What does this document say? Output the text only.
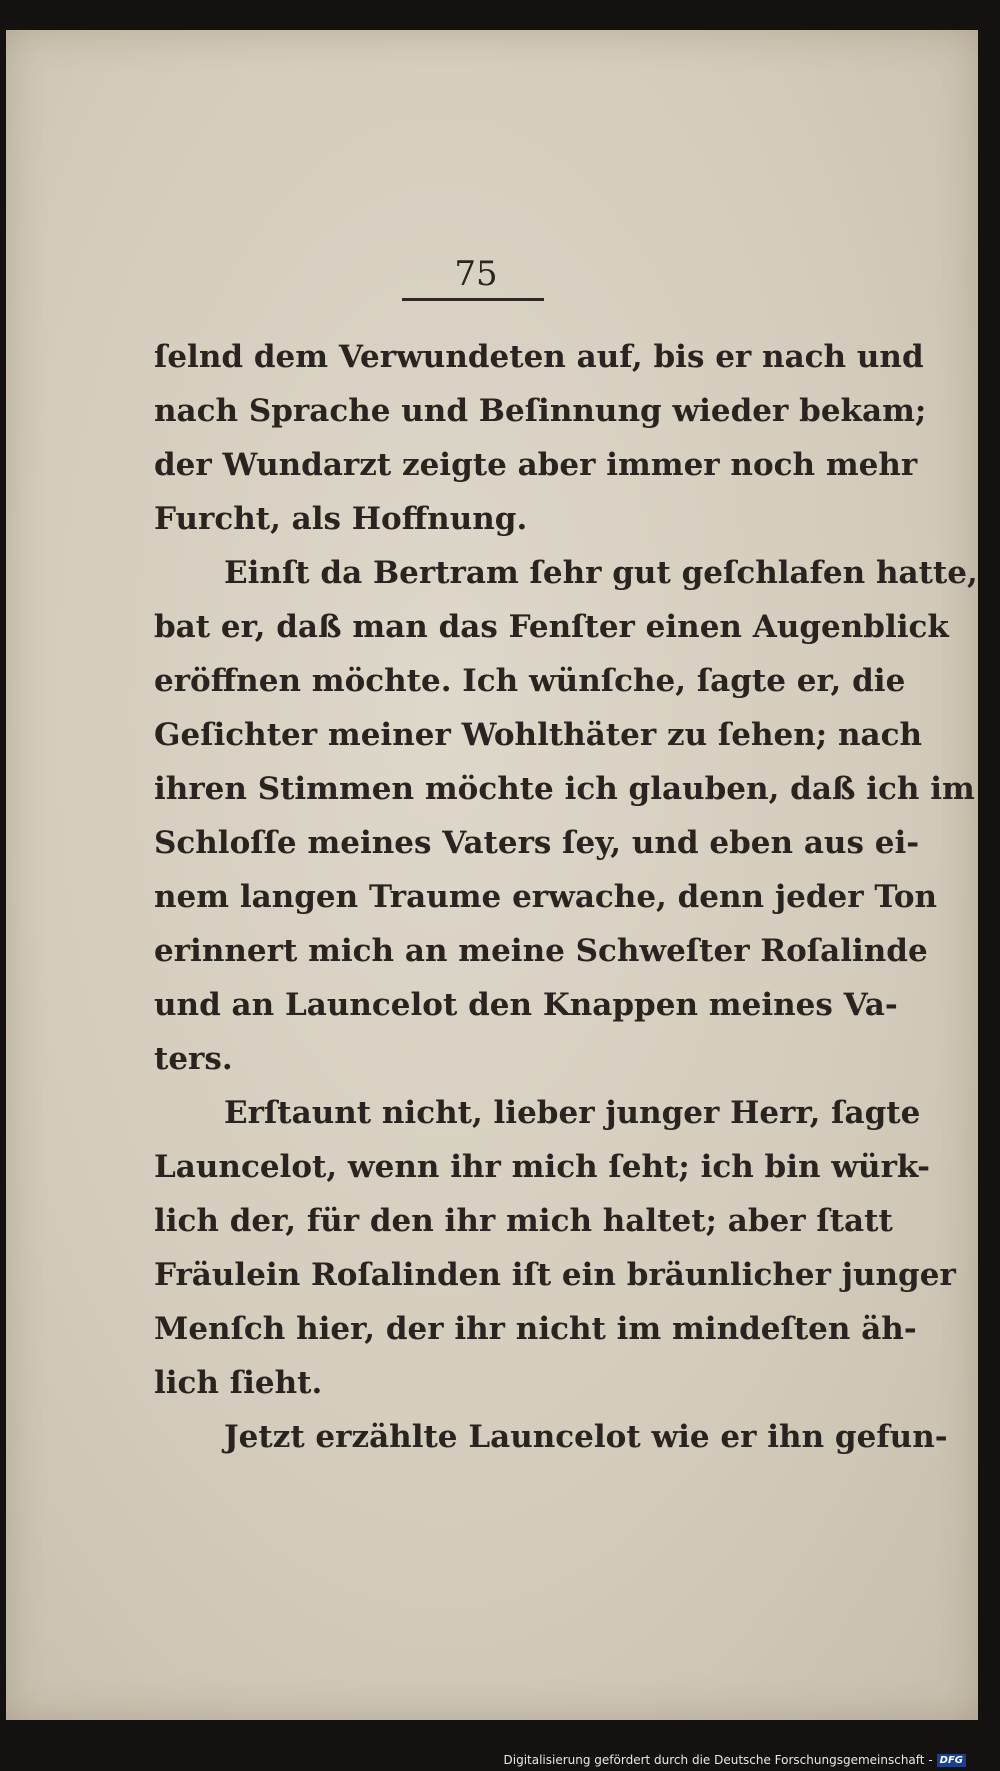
75
ſelnd dem Verwundeten auf, bis er nach und
nach Sprache und Beſinnung wieder bekam;
der Wundarzt zeigte aber immer noch mehr
Furcht, als Hoffnung.
Einſt da Bertram ſehr gut geſchlafen hatte,
bat er, daß man das Fenſter einen Augenblick
eröffnen möchte. Ich wünſche, ſagte er, die
Geſichter meiner Wohlthäter zu ſehen; nach
ihren Stimmen möchte ich glauben, daß ich im
Schloſſe meines Vaters ſey, und eben aus ei-
nem langen Traume erwache, denn jeder Ton
erinnert mich an meine Schweſter Roſalinde
und an Launcelot den Knappen meines Va-
ters.
Erſtaunt nicht, lieber junger Herr, ſagte
Launcelot, wenn ihr mich ſeht; ich bin würk-
lich der, für den ihr mich haltet; aber ſtatt
Fräulein Roſalinden iſt ein bräunlicher junger
Menſch hier, der ihr nicht im mindeſten äh-
lich ſieht.
Jetzt erzählte Launcelot wie er ihn gefun-
Digitalisierung gefördert durch die Deutsche Forschungsgemeinschaft - DFG
